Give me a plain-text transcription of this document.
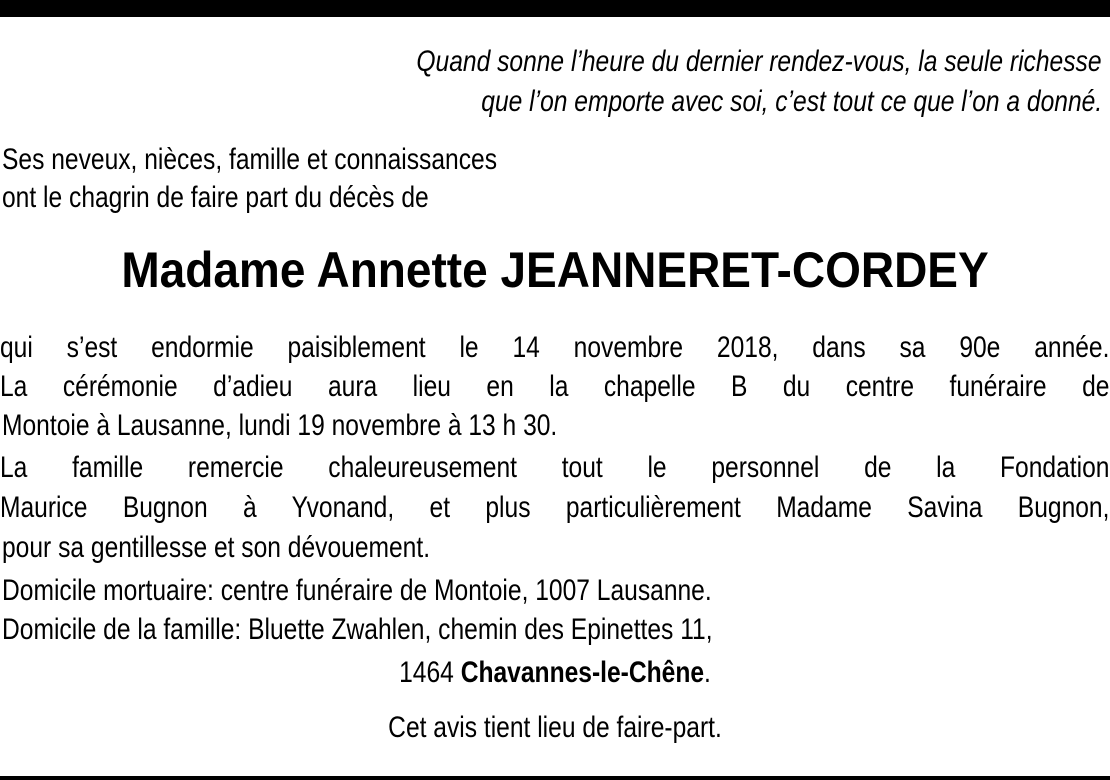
Quand sonne l’heure du dernier rendez-vous, la seule richesse
que l’on emporte avec soi, c’est tout ce que l’on a donné.
Ses neveux, nièces, famille et connaissances
ont le chagrin de faire part du décès de
Madame Annette JEANNERET-CORDEY
qui s’est endormie paisiblement le 14 novembre 2018, dans sa 90e année.
La cérémonie d’adieu aura lieu en la chapelle B du centre funéraire de
Montoie à Lausanne, lundi 19 novembre à 13 h 30.
La famille remercie chaleureusement tout le personnel de la Fondation
Maurice Bugnon à Yvonand, et plus particulièrement Madame Savina Bugnon,
pour sa gentillesse et son dévouement.
Domicile mortuaire: centre funéraire de Montoie, 1007 Lausanne.
Domicile de la famille: Bluette Zwahlen, chemin des Epinettes 11,
1464 Chavannes-le-Chêne.
Cet avis tient lieu de faire-part.
